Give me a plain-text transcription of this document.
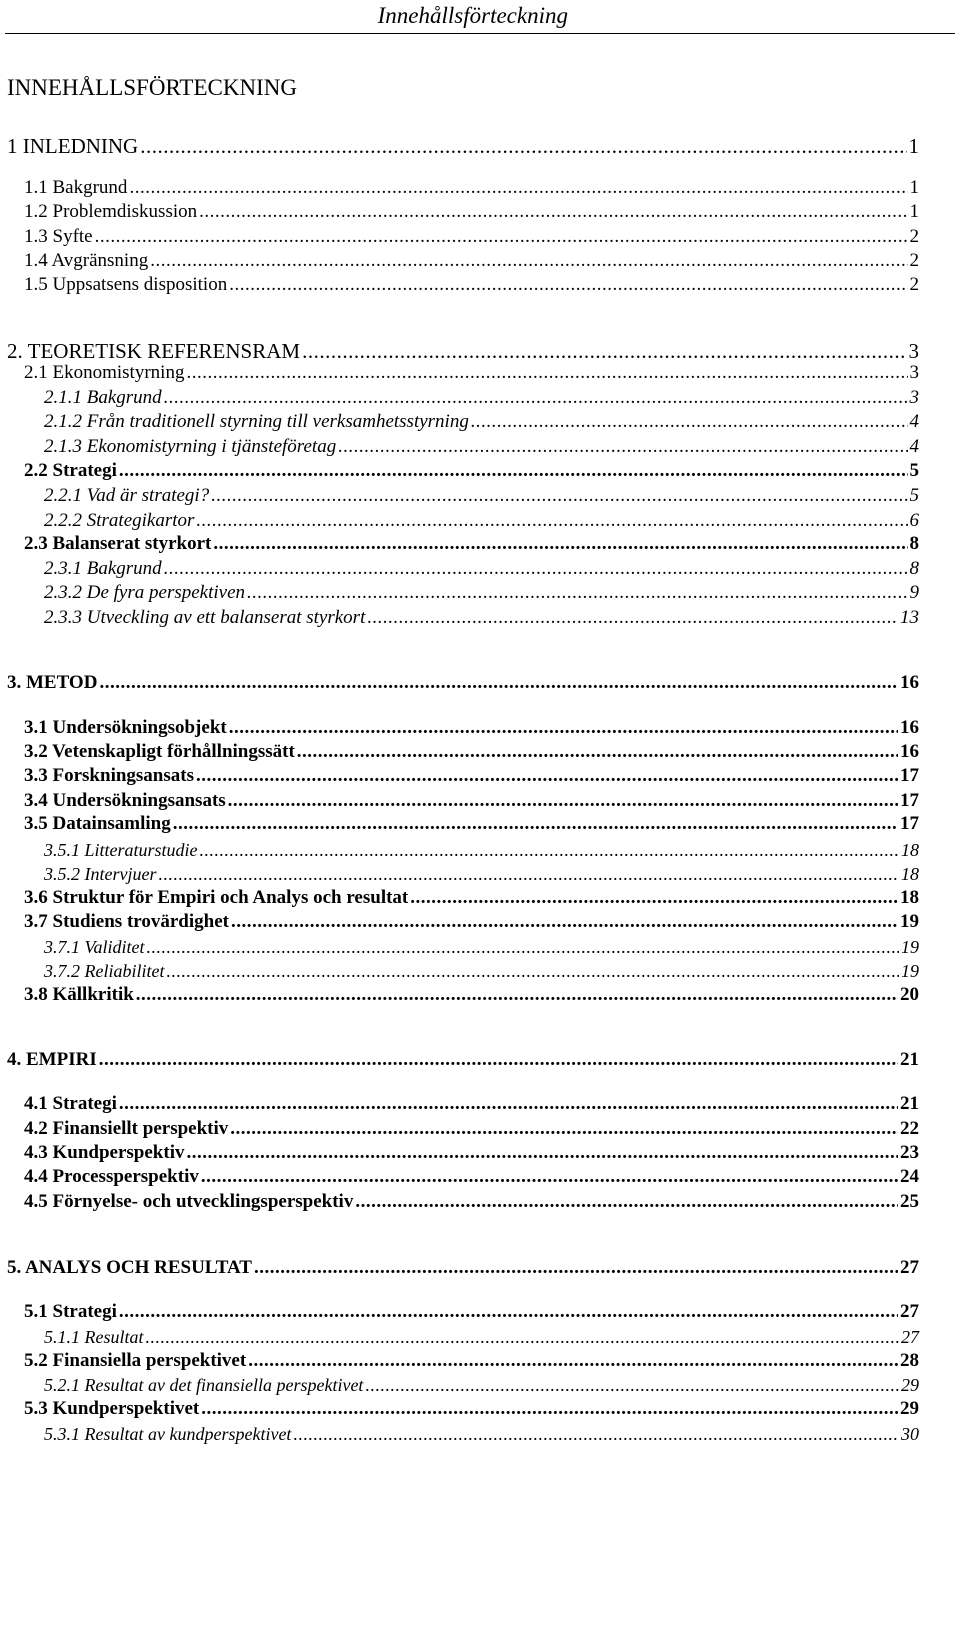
Innehållsförteckning
INNEHÅLLSFÖRTECKNING
1 INLEDNING .....	1
1.1 Bakgrund .....	1
1.2 Problemdiskussion .....	1
1.3 Syfte .....	2
1.4 Avgränsning .....	2
1.5 Uppsatsens disposition .....	2
2. TEORETISK REFERENSRAM .....	3
2.1 Ekonomistyrning .....	3
2.1.1 Bakgrund .....	3
2.1.2 Från traditionell styrning till verksamhetsstyrning .....	4
2.1.3 Ekonomistyrning i tjänsteföretag .....	4
2.2 Strategi .....	5
2.2.1 Vad är strategi? .....	5
2.2.2 Strategikartor .....	6
2.3 Balanserat styrkort .....	8
2.3.1 Bakgrund .....	8
2.3.2 De fyra perspektiven .....	9
2.3.3 Utveckling av ett balanserat styrkort .....	13
3. METOD .....	16
3.1 Undersökningsobjekt .....	16
3.2 Vetenskapligt förhållningssätt .....	16
3.3 Forskningsansats .....	17
3.4 Undersökningsansats .....	17
3.5 Datainsamling .....	17
3.5.1 Litteraturstudie .....	18
3.5.2 Intervjuer .....	18
3.6 Struktur för Empiri och Analys och resultat .....	18
3.7 Studiens trovärdighet .....	19
3.7.1 Validitet .....	19
3.7.2 Reliabilitet .....	19
3.8 Källkritik .....	20
4. EMPIRI .....	21
4.1 Strategi .....	21
4.2 Finansiellt perspektiv .....	22
4.3 Kundperspektiv .....	23
4.4 Processperspektiv .....	24
4.5 Förnyelse- och utvecklingsperspektiv .....	25
5. ANALYS OCH RESULTAT .....	27
5.1 Strategi .....	27
5.1.1 Resultat .....	27
5.2 Finansiella perspektivet .....	28
5.2.1 Resultat av det finansiella perspektivet .....	29
5.3 Kundperspektivet .....	29
5.3.1 Resultat av kundperspektivet .....	30
